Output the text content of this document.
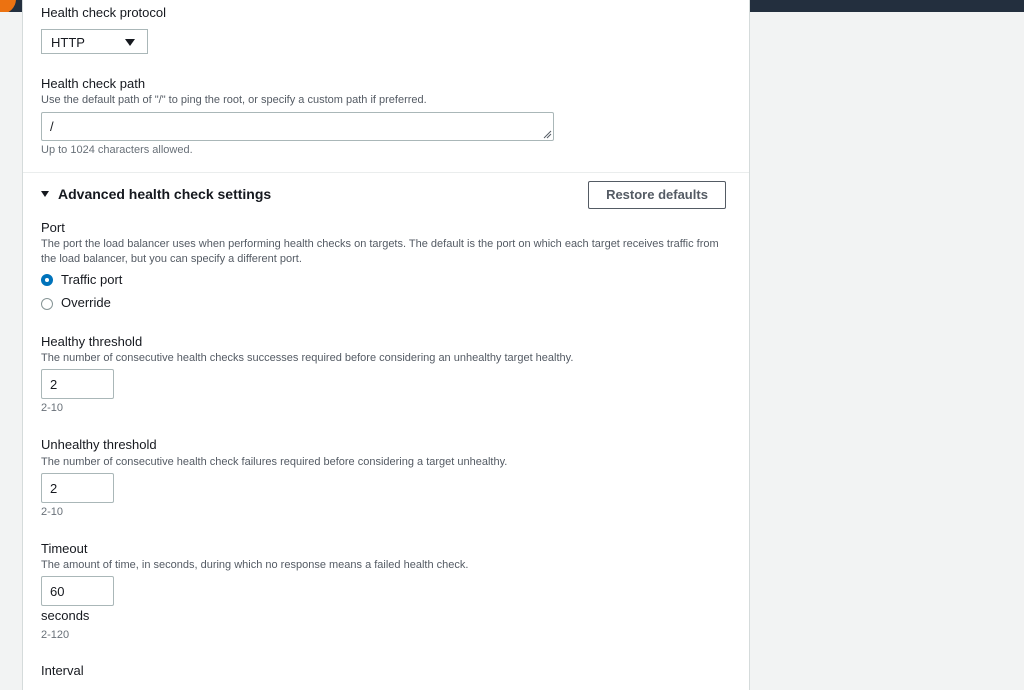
Health check protocol
HTTP
Health check path
Use the default path of "/" to ping the root, or specify a custom path if preferred.
/
Up to 1024 characters allowed.
Advanced health check settings	Restore defaults
Port
The port the load balancer uses when performing health checks on targets. The default is the port on which each target receives traffic from the load balancer, but you can specify a different port.
Traffic port
Override
Healthy threshold
The number of consecutive health checks successes required before considering an unhealthy target healthy.
2
2-10
Unhealthy threshold
The number of consecutive health check failures required before considering a target unhealthy.
2
2-10
Timeout
The amount of time, in seconds, during which no response means a failed health check.
60
seconds
2-120
Interval
